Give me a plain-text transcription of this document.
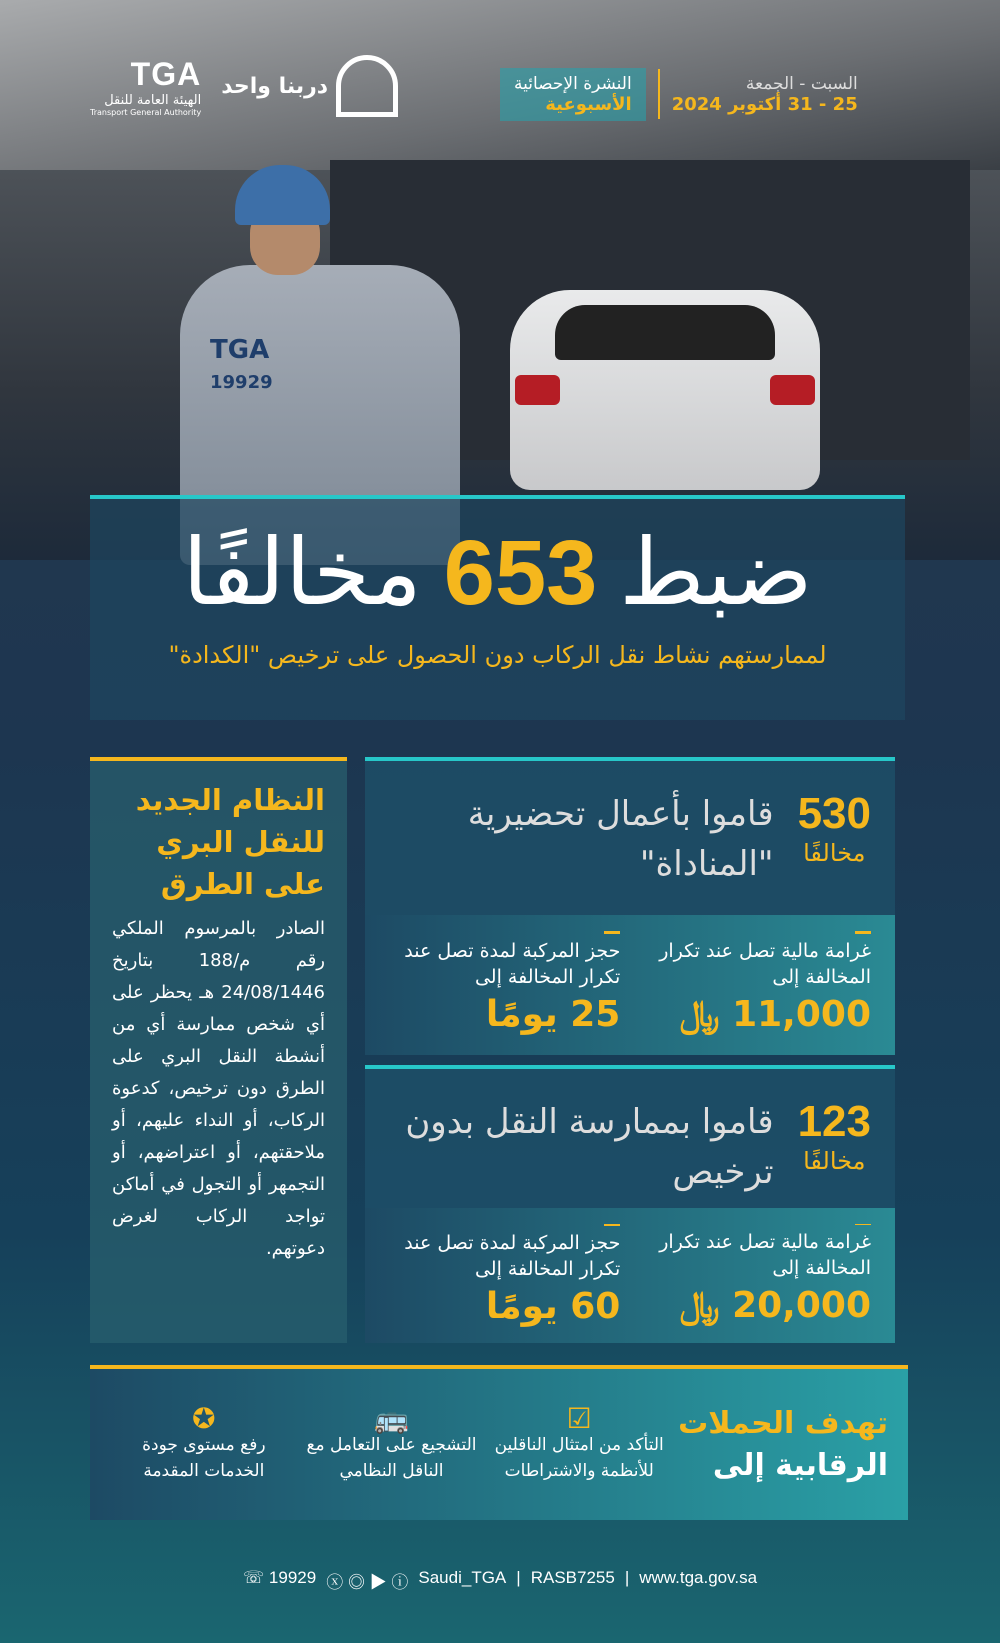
TGA
19929
TGA
الهيئة العامة للنقل
Transport General Authority
دربنا واحد	النشرة الإحصائية
الأسبوعية
السبت - الجمعة
25 - 31 أكتوبر 2024
ضبط
653
مخالفًا
لممارستهم نشاط نقل الركاب دون الحصول على ترخيص "الكدادة"
النظام الجديد للنقل البري على الطرق

الصادر بالمرسوم الملكي رقم م/188 بتاريخ 24/08/1446 هـ يحظر على أي شخص ممارسة أي من أنشطة النقل البري على الطرق دون ترخيص، كدعوة الركاب، أو النداء عليهم، أو ملاحقتهم، أو اعتراضهم، أو التجمهر أو التجول في أماكن تواجد الركاب لغرض دعوتهم.

530
مخالفًا
قاموا بأعمال تحضيرية "المناداة"
غرامة مالية تصل عند تكرار المخالفة إلى
11,000 ﷼
حجز المركبة لمدة تصل عند تكرار المخالفة إلى
25 يومًا
123
مخالفًا
قاموا بممارسة النقل بدون ترخيص
غرامة مالية تصل عند تكرار المخالفة إلى
20,000 ﷼
حجز المركبة لمدة تصل عند تكرار المخالفة إلى
60 يومًا
تهدف الحملات
الرقابية إلى
☑
التأكد من امتثال الناقلين للأنظمة والاشتراطات
🚌
التشجيع على التعامل مع الناقل النظامي
✪
رفع مستوى جودة الخدمات المقدمة
☏ 19929 ⓧ ◎ ▶ ⓘ Saudi_TGA | RASB7255 | www.tga.gov.sa
